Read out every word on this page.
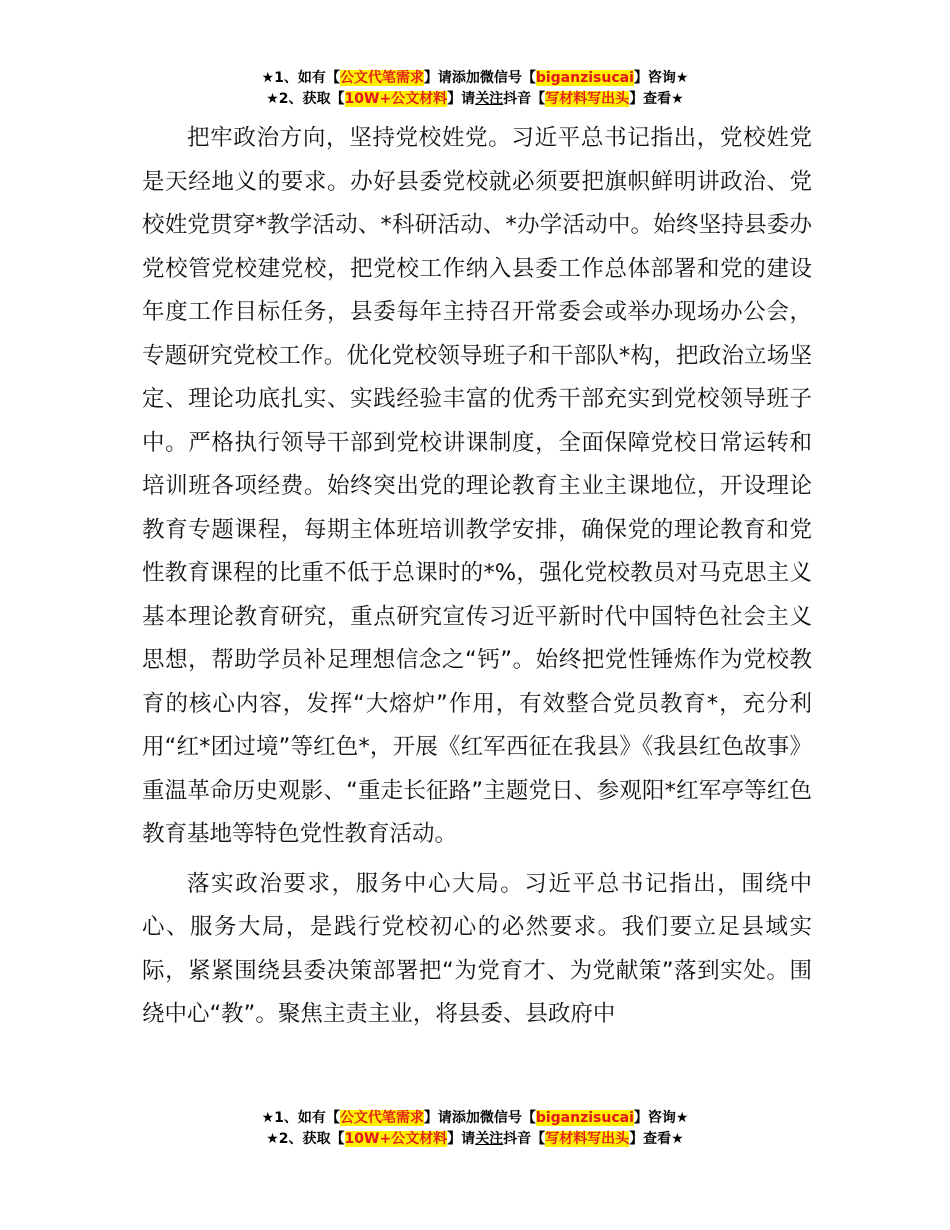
★1、如有【公文代笔需求】请添加微信号【biganzisucai】咨询★
★2、获取【10W+公文材料】请关注抖音【写材料写出头】查看★

把牢政治方向，坚持党校姓党。习近平总书记指出，党校姓党是天经地义的要求。办好县委党校就必须要把旗帜鲜明讲政治、党校姓党贯穿*教学活动、*科研活动、*办学活动中。始终坚持县委办党校管党校建党校，把党校工作纳入县委工作总体部署和党的建设年度工作目标任务，县委每年主持召开常委会或举办现场办公会，专题研究党校工作。优化党校领导班子和干部队*构，把政治立场坚定、理论功底扎实、实践经验丰富的优秀干部充实到党校领导班子中。严格执行领导干部到党校讲课制度，全面保障党校日常运转和培训班各项经费。始终突出党的理论教育主业主课地位，开设理论教育专题课程，每期主体班培训教学安排，确保党的理论教育和党性教育课程的比重不低于总课时的*%，强化党校教员对马克思主义基本理论教育研究，重点研究宣传习近平新时代中国特色社会主义思想，帮助学员补足理想信念之“钙”。始终把党性锤炼作为党校教育的核心内容，发挥“大熔炉”作用，有效整合党员教育*，充分利用“红*团过境”等红色*，开展《红军西征在我县》《我县红色故事》重温革命历史观影、“重走长征路”主题党日、参观阳*红军亭等红色教育基地等特色党性教育活动。

落实政治要求，服务中心大局。习近平总书记指出，围绕中心、服务大局，是践行党校初心的必然要求。我们要立足县域实际，紧紧围绕县委决策部署把“为党育才、为党献策”落到实处。围绕中心“教”。聚焦主责主业，将县委、县政府中

★1、如有【公文代笔需求】请添加微信号【biganzisucai】咨询★
★2、获取【10W+公文材料】请关注抖音【写材料写出头】查看★
